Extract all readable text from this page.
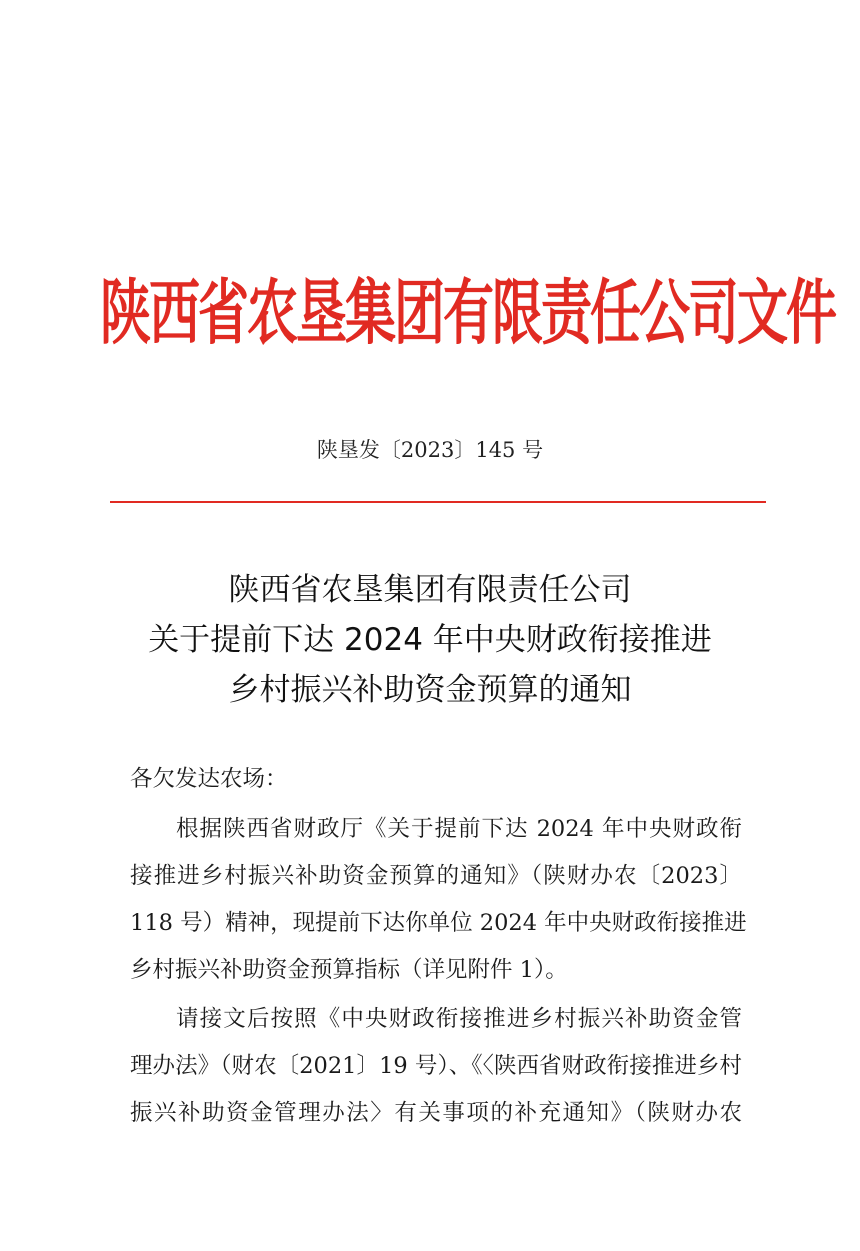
陕西省农垦集团有限责任公司文件
陕垦发〔2023〕145 号
陕西省农垦集团有限责任公司
关于提前下达 2024 年中央财政衔接推进
乡村振兴补助资金预算的通知
各欠发达农场：
根据陕西省财政厅《关于提前下达 2024 年中央财政衔
接推进乡村振兴补助资金预算的通知》（陕财办农〔2023〕
118 号）精神，现提前下达你单位 2024 年中央财政衔接推进
乡村振兴补助资金预算指标（详见附件 1）。
请接文后按照《中央财政衔接推进乡村振兴补助资金管
理办法》（财农〔2021〕19 号）、《〈陕西省财政衔接推进乡村
振兴补助资金管理办法〉有关事项的补充通知》（陕财办农
